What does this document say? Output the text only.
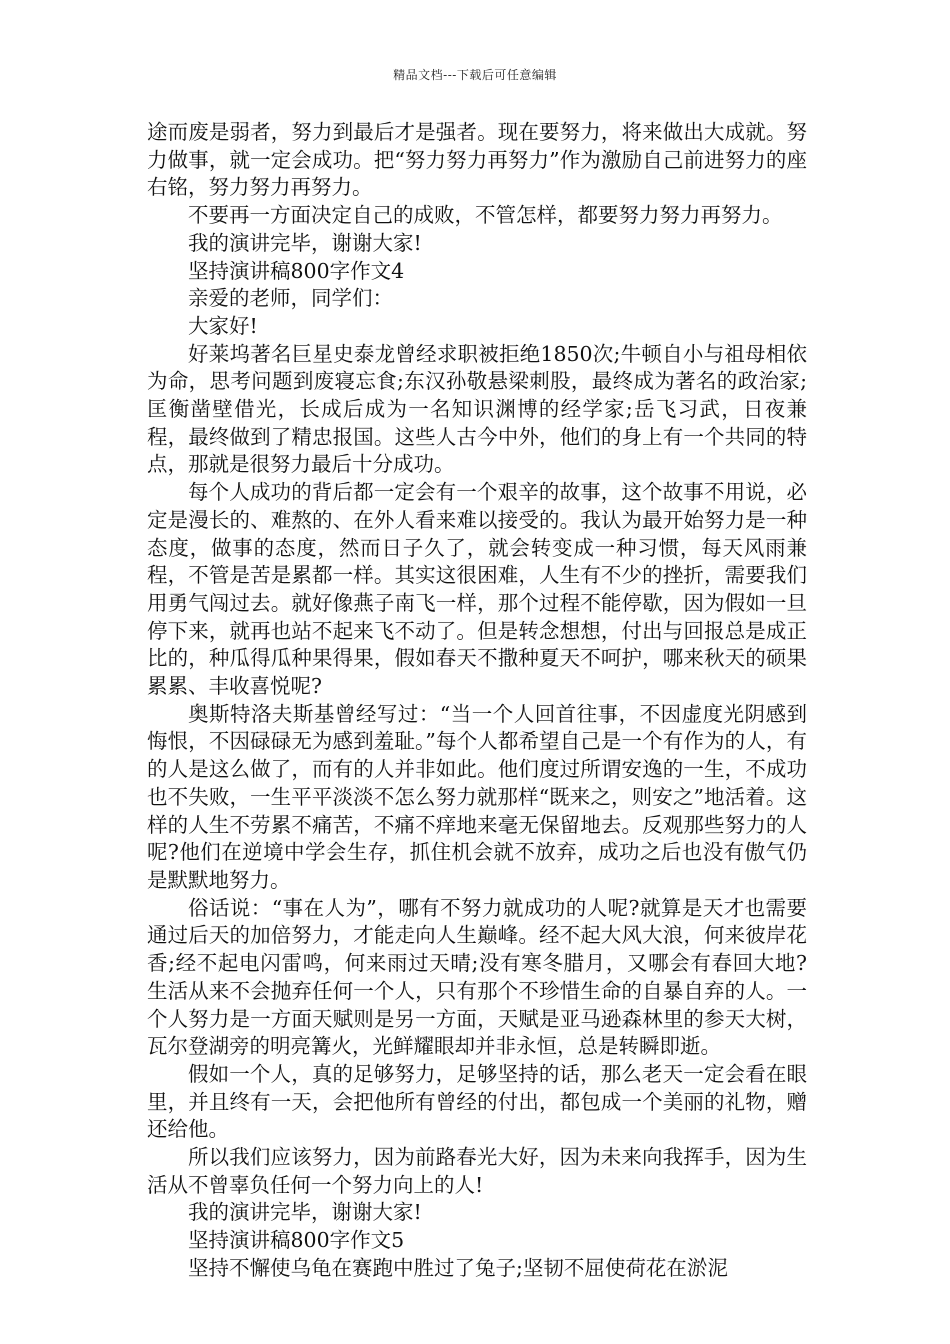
精品文档---下载后可任意编辑

途而废是弱者，努力到最后才是强者。现在要努力，将来做出大成就。努力做事，就一定会成功。把“努力努力再努力”作为激励自己前进努力的座右铭，努力努力再努力。

不要再一方面决定自己的成败，不管怎样，都要努力努力再努力。

我的演讲完毕，谢谢大家!

坚持演讲稿800字作文4

亲爱的老师，同学们：

大家好!

好莱坞著名巨星史泰龙曾经求职被拒绝1850次;牛顿自小与祖母相依为命，思考问题到废寝忘食;东汉孙敬悬梁刺股，最终成为著名的政治家;匡衡凿壁借光，长成后成为一名知识渊博的经学家;岳飞习武，日夜兼程，最终做到了精忠报国。这些人古今中外，他们的身上有一个共同的特点，那就是很努力最后十分成功。

每个人成功的背后都一定会有一个艰辛的故事，这个故事不用说，必定是漫长的、难熬的、在外人看来难以接受的。我认为最开始努力是一种态度，做事的态度，然而日子久了，就会转变成一种习惯，每天风雨兼程，不管是苦是累都一样。其实这很困难，人生有不少的挫折，需要我们用勇气闯过去。就好像燕子南飞一样，那个过程不能停歇，因为假如一旦停下来，就再也站不起来飞不动了。但是转念想想，付出与回报总是成正比的，种瓜得瓜种果得果，假如春天不撒种夏天不呵护，哪来秋天的硕果累累、丰收喜悦呢?

奥斯特洛夫斯基曾经写过：“当一个人回首往事，不因虚度光阴感到悔恨，不因碌碌无为感到羞耻。”每个人都希望自己是一个有作为的人，有的人是这么做了，而有的人并非如此。他们度过所谓安逸的一生，不成功也不失败，一生平平淡淡不怎么努力就那样“既来之，则安之”地活着。这样的人生不劳累不痛苦，不痛不痒地来毫无保留地去。反观那些努力的人呢?他们在逆境中学会生存，抓住机会就不放弃，成功之后也没有傲气仍是默默地努力。

俗话说：“事在人为”，哪有不努力就成功的人呢?就算是天才也需要通过后天的加倍努力，才能走向人生巅峰。经不起大风大浪，何来彼岸花香;经不起电闪雷鸣，何来雨过天晴;没有寒冬腊月，又哪会有春回大地?生活从来不会抛弃任何一个人，只有那个不珍惜生命的自暴自弃的人。一个人努力是一方面天赋则是另一方面，天赋是亚马逊森林里的参天大树，瓦尔登湖旁的明亮篝火，光鲜耀眼却并非永恒，总是转瞬即逝。

假如一个人，真的足够努力，足够坚持的话，那么老天一定会看在眼里，并且终有一天，会把他所有曾经的付出，都包成一个美丽的礼物，赠还给他。

所以我们应该努力，因为前路春光大好，因为未来向我挥手，因为生活从不曾辜负任何一个努力向上的人!

我的演讲完毕，谢谢大家!

坚持演讲稿800字作文5

坚持不懈使乌龟在赛跑中胜过了兔子;坚韧不屈使荷花在淤泥
